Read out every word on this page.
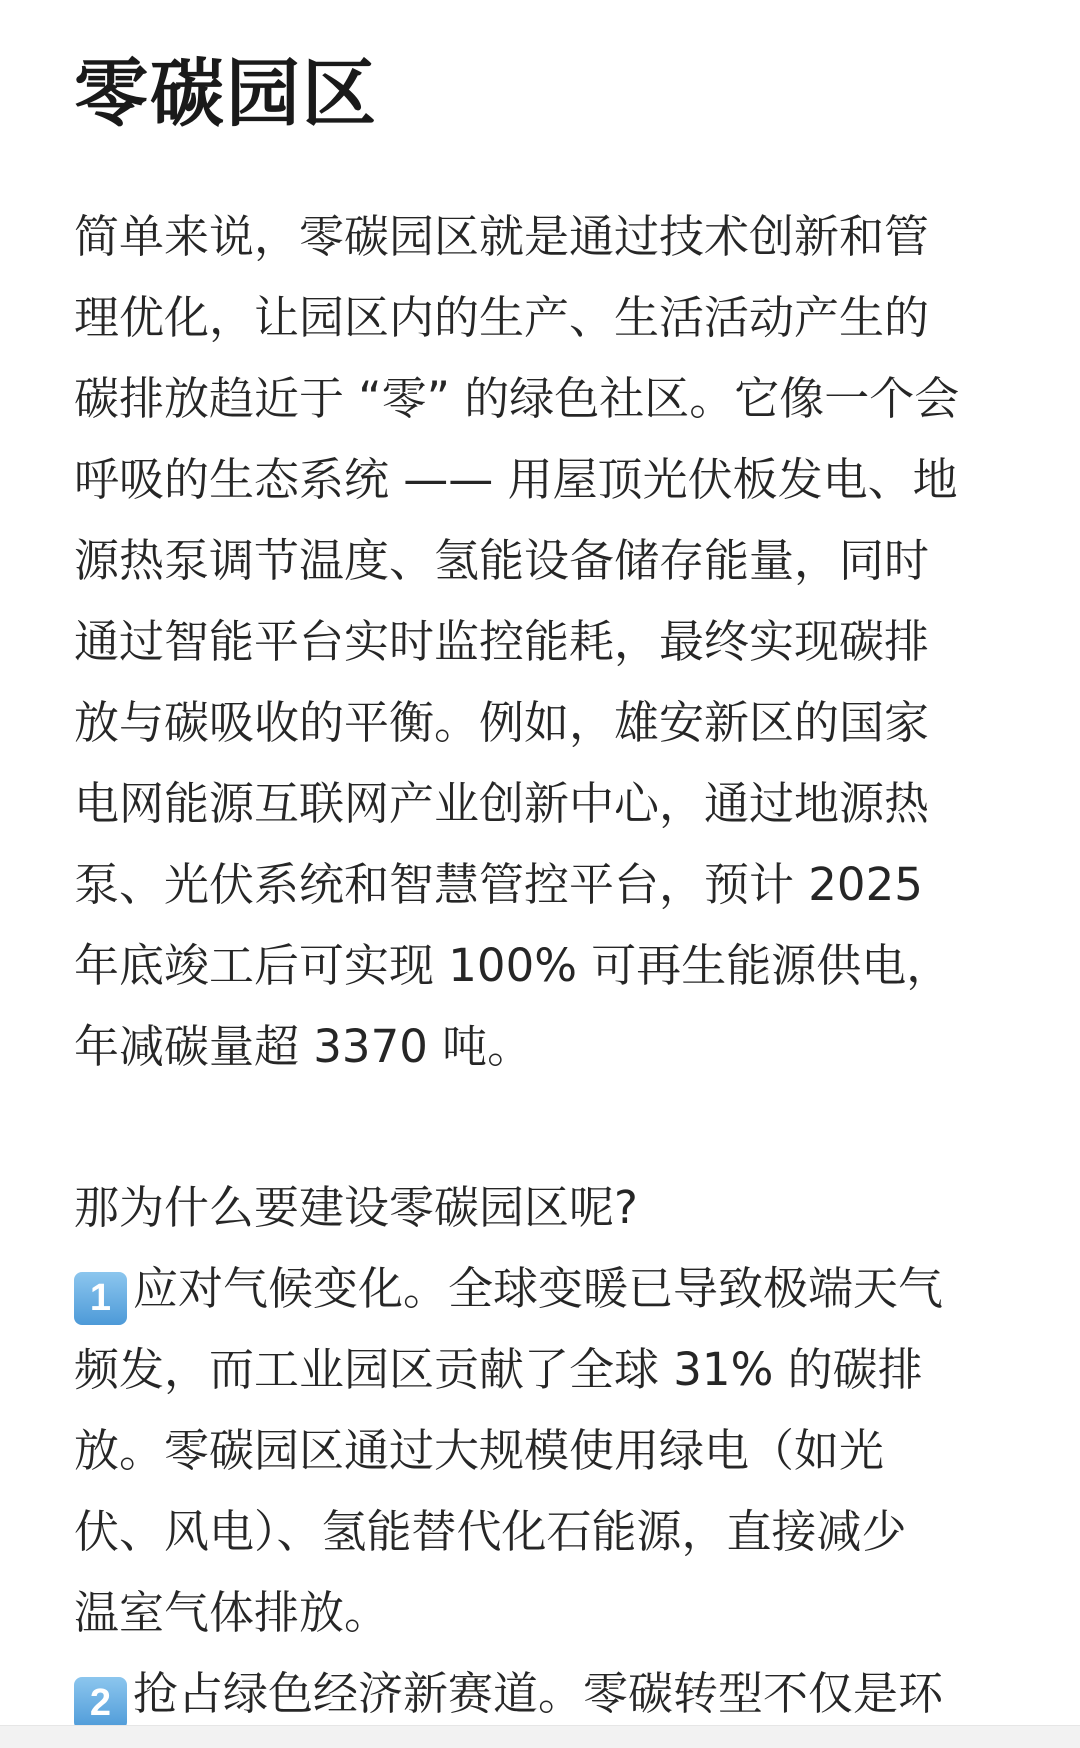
零碳园区
简单来说，零碳园区就是通过技术创新和管
理优化，让园区内的生产、生活活动产生的
碳排放趋近于 “零” 的绿色社区。它像一个会
呼吸的生态系统 —— 用屋顶光伏板发电、地
源热泵调节温度、氢能设备储存能量，同时
通过智能平台实时监控能耗，最终实现碳排
放与碳吸收的平衡。例如，雄安新区的国家
电网能源互联网产业创新中心，通过地源热
泵、光伏系统和智慧管控平台，预计 2025
年底竣工后可实现 100% 可再生能源供电，
年减碳量超 3370 吨。
那为什么要建设零碳园区呢?
1 应对气候变化。全球变暖已导致极端天气
频发，而工业园区贡献了全球 31% 的碳排
放。零碳园区通过大规模使用绿电（如光
伏、风电）、氢能替代化石能源，直接减少
温室气体排放。
2 抢占绿色经济新赛道。零碳转型不仅是环
